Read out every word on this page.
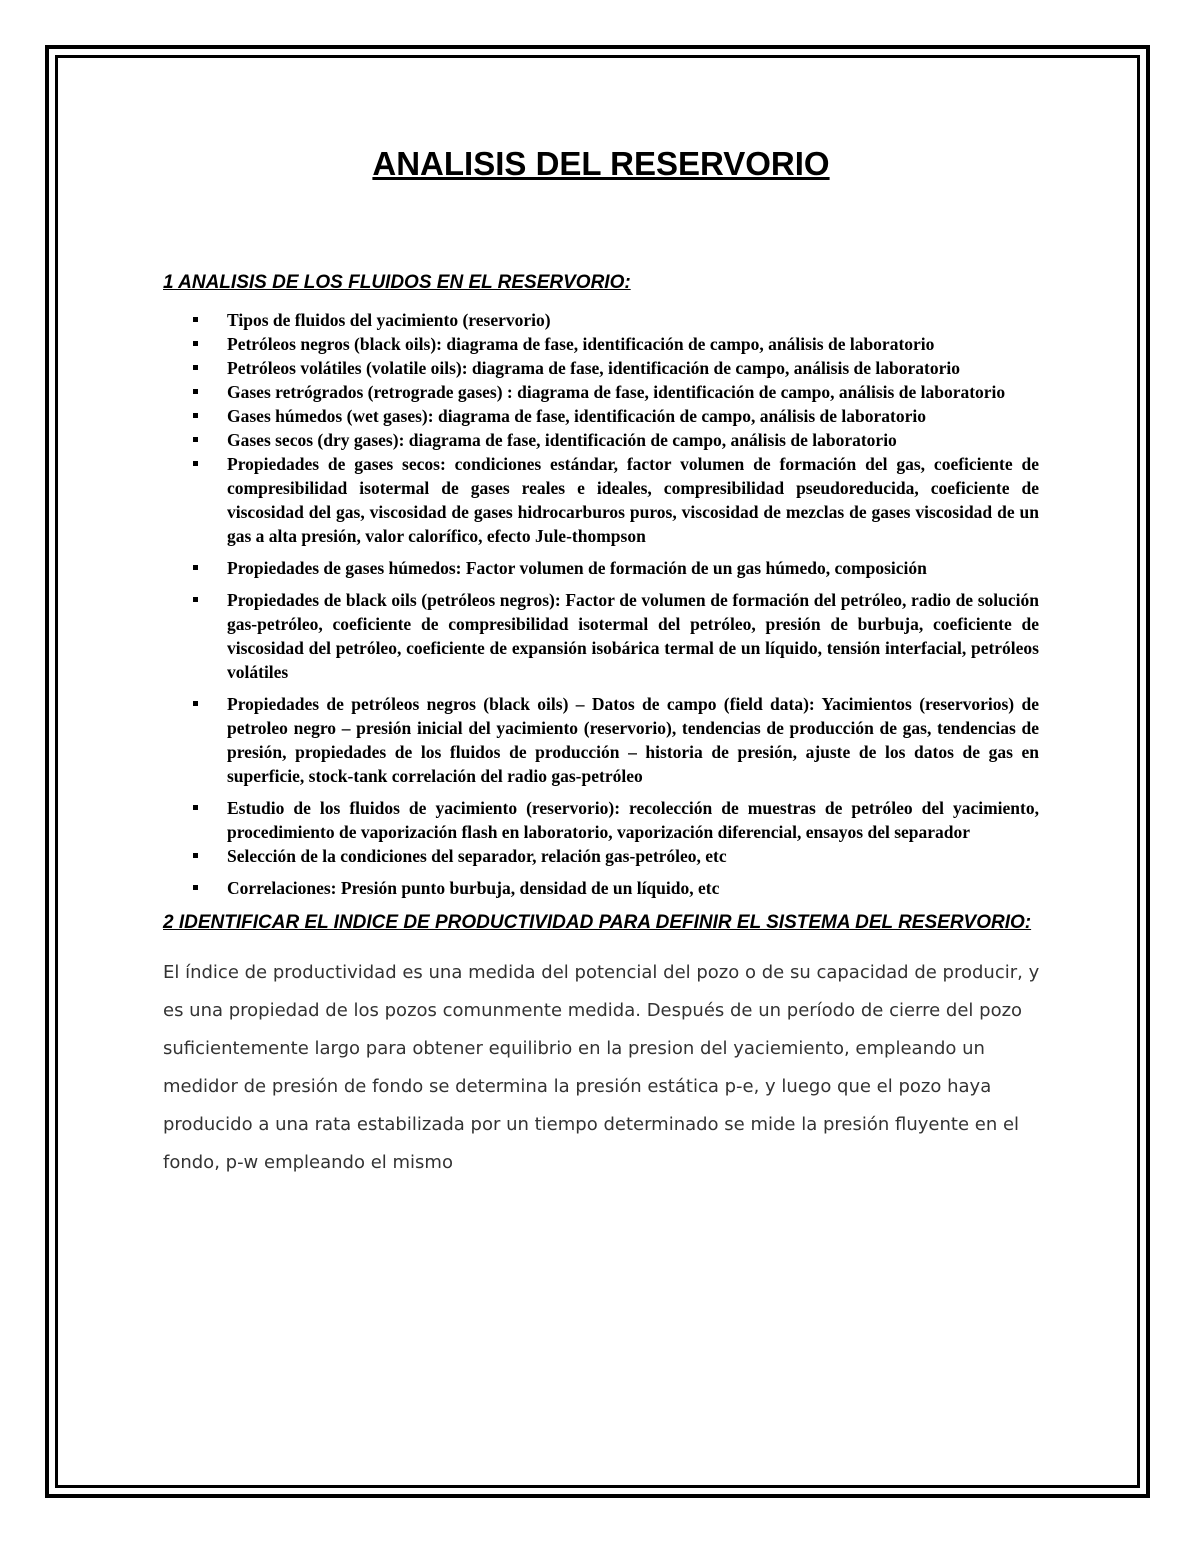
ANALISIS DEL RESERVORIO
1 ANALISIS DE LOS FLUIDOS EN EL RESERVORIO:
Tipos de fluidos del yacimiento (reservorio)
Petróleos negros (black oils): diagrama de fase, identificación de campo, análisis de laboratorio
Petróleos volátiles (volatile oils): diagrama de fase, identificación de campo, análisis de laboratorio
Gases retrógrados (retrograde gases) : diagrama de fase, identificación de campo, análisis de laboratorio
Gases húmedos (wet gases): diagrama de fase, identificación de campo, análisis de laboratorio
Gases secos (dry gases): diagrama de fase, identificación de campo, análisis de laboratorio
Propiedades de gases secos: condiciones estándar, factor volumen de formación del gas, coeficiente de compresibilidad isotermal de gases reales e ideales, compresibilidad pseudoreducida, coeficiente de viscosidad del gas, viscosidad de gases hidrocarburos puros, viscosidad de mezclas de gases viscosidad de un gas a alta presión, valor calorífico, efecto Jule-thompson
Propiedades de gases húmedos: Factor volumen de formación de un gas húmedo, composición
Propiedades de black oils (petróleos negros): Factor de volumen de formación del petróleo, radio de solución gas-petróleo, coeficiente de compresibilidad isotermal del petróleo, presión de burbuja, coeficiente de viscosidad del petróleo, coeficiente de expansión isobárica termal de un líquido, tensión interfacial, petróleos volátiles
Propiedades de petróleos negros (black oils) – Datos de campo (field data): Yacimientos (reservorios) de petroleo negro – presión inicial del yacimiento (reservorio), tendencias de producción de gas, tendencias de presión, propiedades de los fluidos de producción – historia de presión, ajuste de los datos de gas en superficie, stock-tank correlación del radio gas-petróleo
Estudio de los fluidos de yacimiento (reservorio): recolección de muestras de petróleo del yacimiento, procedimiento de vaporización flash en laboratorio, vaporización diferencial, ensayos del separador
Selección de la condiciones del separador, relación gas-petróleo, etc
Correlaciones: Presión punto burbuja, densidad de un líquido, etc
2 IDENTIFICAR EL INDICE DE PRODUCTIVIDAD PARA DEFINIR EL SISTEMA DEL RESERVORIO:

El índice de productividad es una medida del potencial del pozo o de su capacidad de producir, y es una propiedad de los pozos comunmente medida. Después de un período de cierre del pozo suficientemente largo para obtener equilibrio en la presion del yaciemiento, empleando un medidor de presión de fondo se determina la presión estática p-e, y luego que el pozo haya producido a una rata estabilizada por un tiempo determinado se mide la presión fluyente en el fondo, p-w empleando el mismo
